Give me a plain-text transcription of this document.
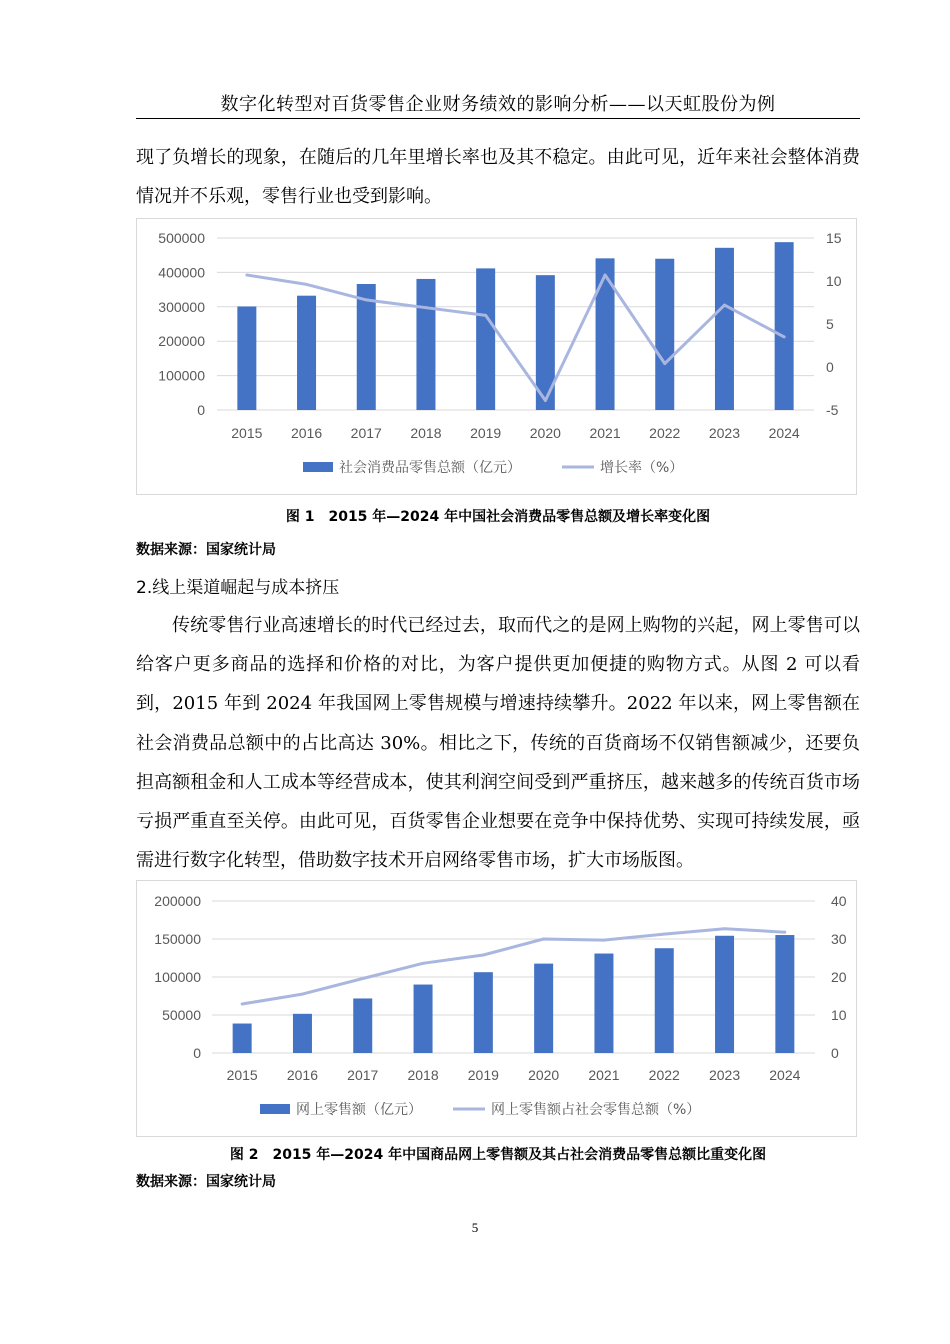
数字化转型对百货零售企业财务绩效的影响分析——以天虹股份为例

现了负增长的现象，在随后的几年里增长率也及其不稳定。由此可见，近年来社会整体消费情况并不乐观，零售行业也受到影响。

0
100000
200000
300000
400000
500000
-5
0
5
10
15
2015 2016 2017 2018 2019 2020 2021 2022 2023 2024
社会消费品零售总额（亿元）	增长率（%）
图 1　2015 年—2024 年中国社会消费品零售总额及增长率变化图
数据来源：国家统计局
2.线上渠道崛起与成本挤压

传统零售行业高速增长的时代已经过去，取而代之的是网上购物的兴起，网上零售可以给客户更多商品的选择和价格的对比，为客户提供更加便捷的购物方式。从图 2 可以看到，2015 年到 2024 年我国网上零售规模与增速持续攀升。2022 年以来，网上零售额在社会消费品总额中的占比高达 30%。相比之下，传统的百货商场不仅销售额减少，还要负担高额租金和人工成本等经营成本，使其利润空间受到严重挤压，越来越多的传统百货市场亏损严重直至关停。由此可见，百货零售企业想要在竞争中保持优势、实现可持续发展，亟需进行数字化转型，借助数字技术开启网络零售市场，扩大市场版图。

0
50000
100000
150000
200000
0
10
20
30
40
2015 2016 2017 2018 2019 2020 2021 2022 2023 2024
网上零售额（亿元）	网上零售额占社会零售总额（%）
图 2　2015 年—2024 年中国商品网上零售额及其占社会消费品零售总额比重变化图
数据来源：国家统计局
5
